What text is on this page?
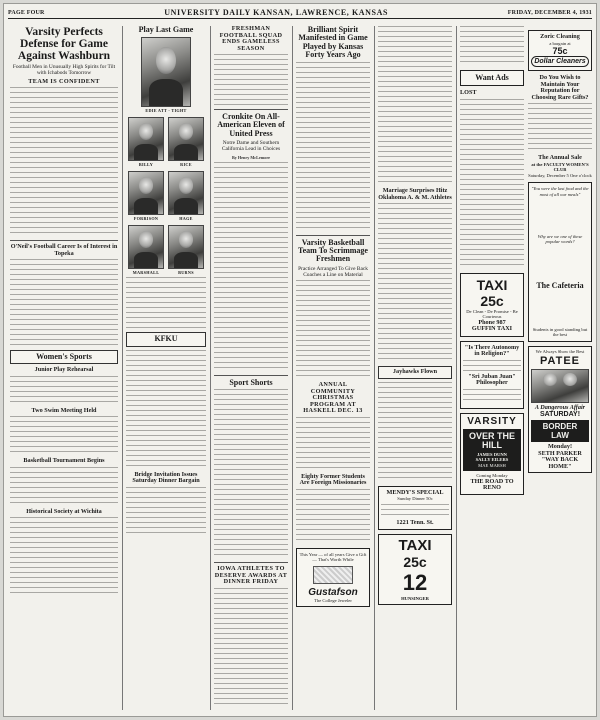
PAGE FOUR	UNIVERSITY DAILY KANSAN, LAWRENCE, KANSAS	FRIDAY, DECEMBER 4, 1931
Varsity Perfects Defense for Game Against Washburn
Football Men in Unusually High Spirits for Tilt with Ichabods Tomorrow
TEAM IS CONFIDENT
O'Neil's Football Career Is of Interest in Topeka
Women's Sports
Junior Play Rehearsal
Two Swim Meeting Held
Basketball Tournament Begins
Historical Society at Wichita
Play Last Game
EDIE ATT - TIGHT
BILLY	RICE
FORRISON	HAGE
MARSHALL	BURNS
KFKU
Bridge Invitation Issues Saturday Dinner Bargain
FRESHMAN FOOTBALL SQUAD ENDS GAMELESS SEASON
Cronkite On All-American Eleven of United Press
Notre Dame and Southern California Lead in Choices
By Henry McLemore
Sport Shorts
IOWA ATHLETES TO DESERVE AWARDS AT DINNER FRIDAY
Brilliant Spirit Manifested in Game Played by Kansas Forty Years Ago
Varsity Basketball Team To Scrimmage Freshmen
Practice Arranged To Give Back Coaches a Line on Material
ANNUAL COMMUNITY CHRISTMAS PROGRAM AT HASKELL DEC. 13
Eighty Former Students Are Foreign Missionaries
This Year — of all years Give a Gift — That's Worth While
Gustafson
The College Jeweler
Marriage Surprises Hitz Oklahoma A. & M. Athletes
Jayhawks Flown
MENDY'S SPECIAL
Sunday Dinner 50c
1221 Tenn. St.
TAXI
25c
12
HUNSINGER
Want Ads
LOST
TAXI
25c
De Clean - De Promise - Be Courteous
Phone 987
GUFFIN TAXI
"Is There Autonomy in Religion?"
"Sri Juban Juan" Philosopher
VARSITY
OVER THE HILL
JAMES DUNN
SALLY EILERS
MAE MARSH
Coming Monday
THE ROAD TO RENO
Zoric Cleaning
a bargain at
75c
Dollar Cleaners
Do You Wish to Maintain Your Reputation for Choosing Rare Gifts?
The Annual Sale
at the FACULTY WOMEN'S CLUB
Saturday, December 5 One o'clock
"You were the last food and the most of all our meals"
Why are we one of these popular words?
The Cafeteria
Students in good standing but the best
We Always Show the Best
PATEE
A Dangerous Affair
SATURDAY!
BORDER LAW
Monday!
SETH PARKER
"WAY BACK HOME"
